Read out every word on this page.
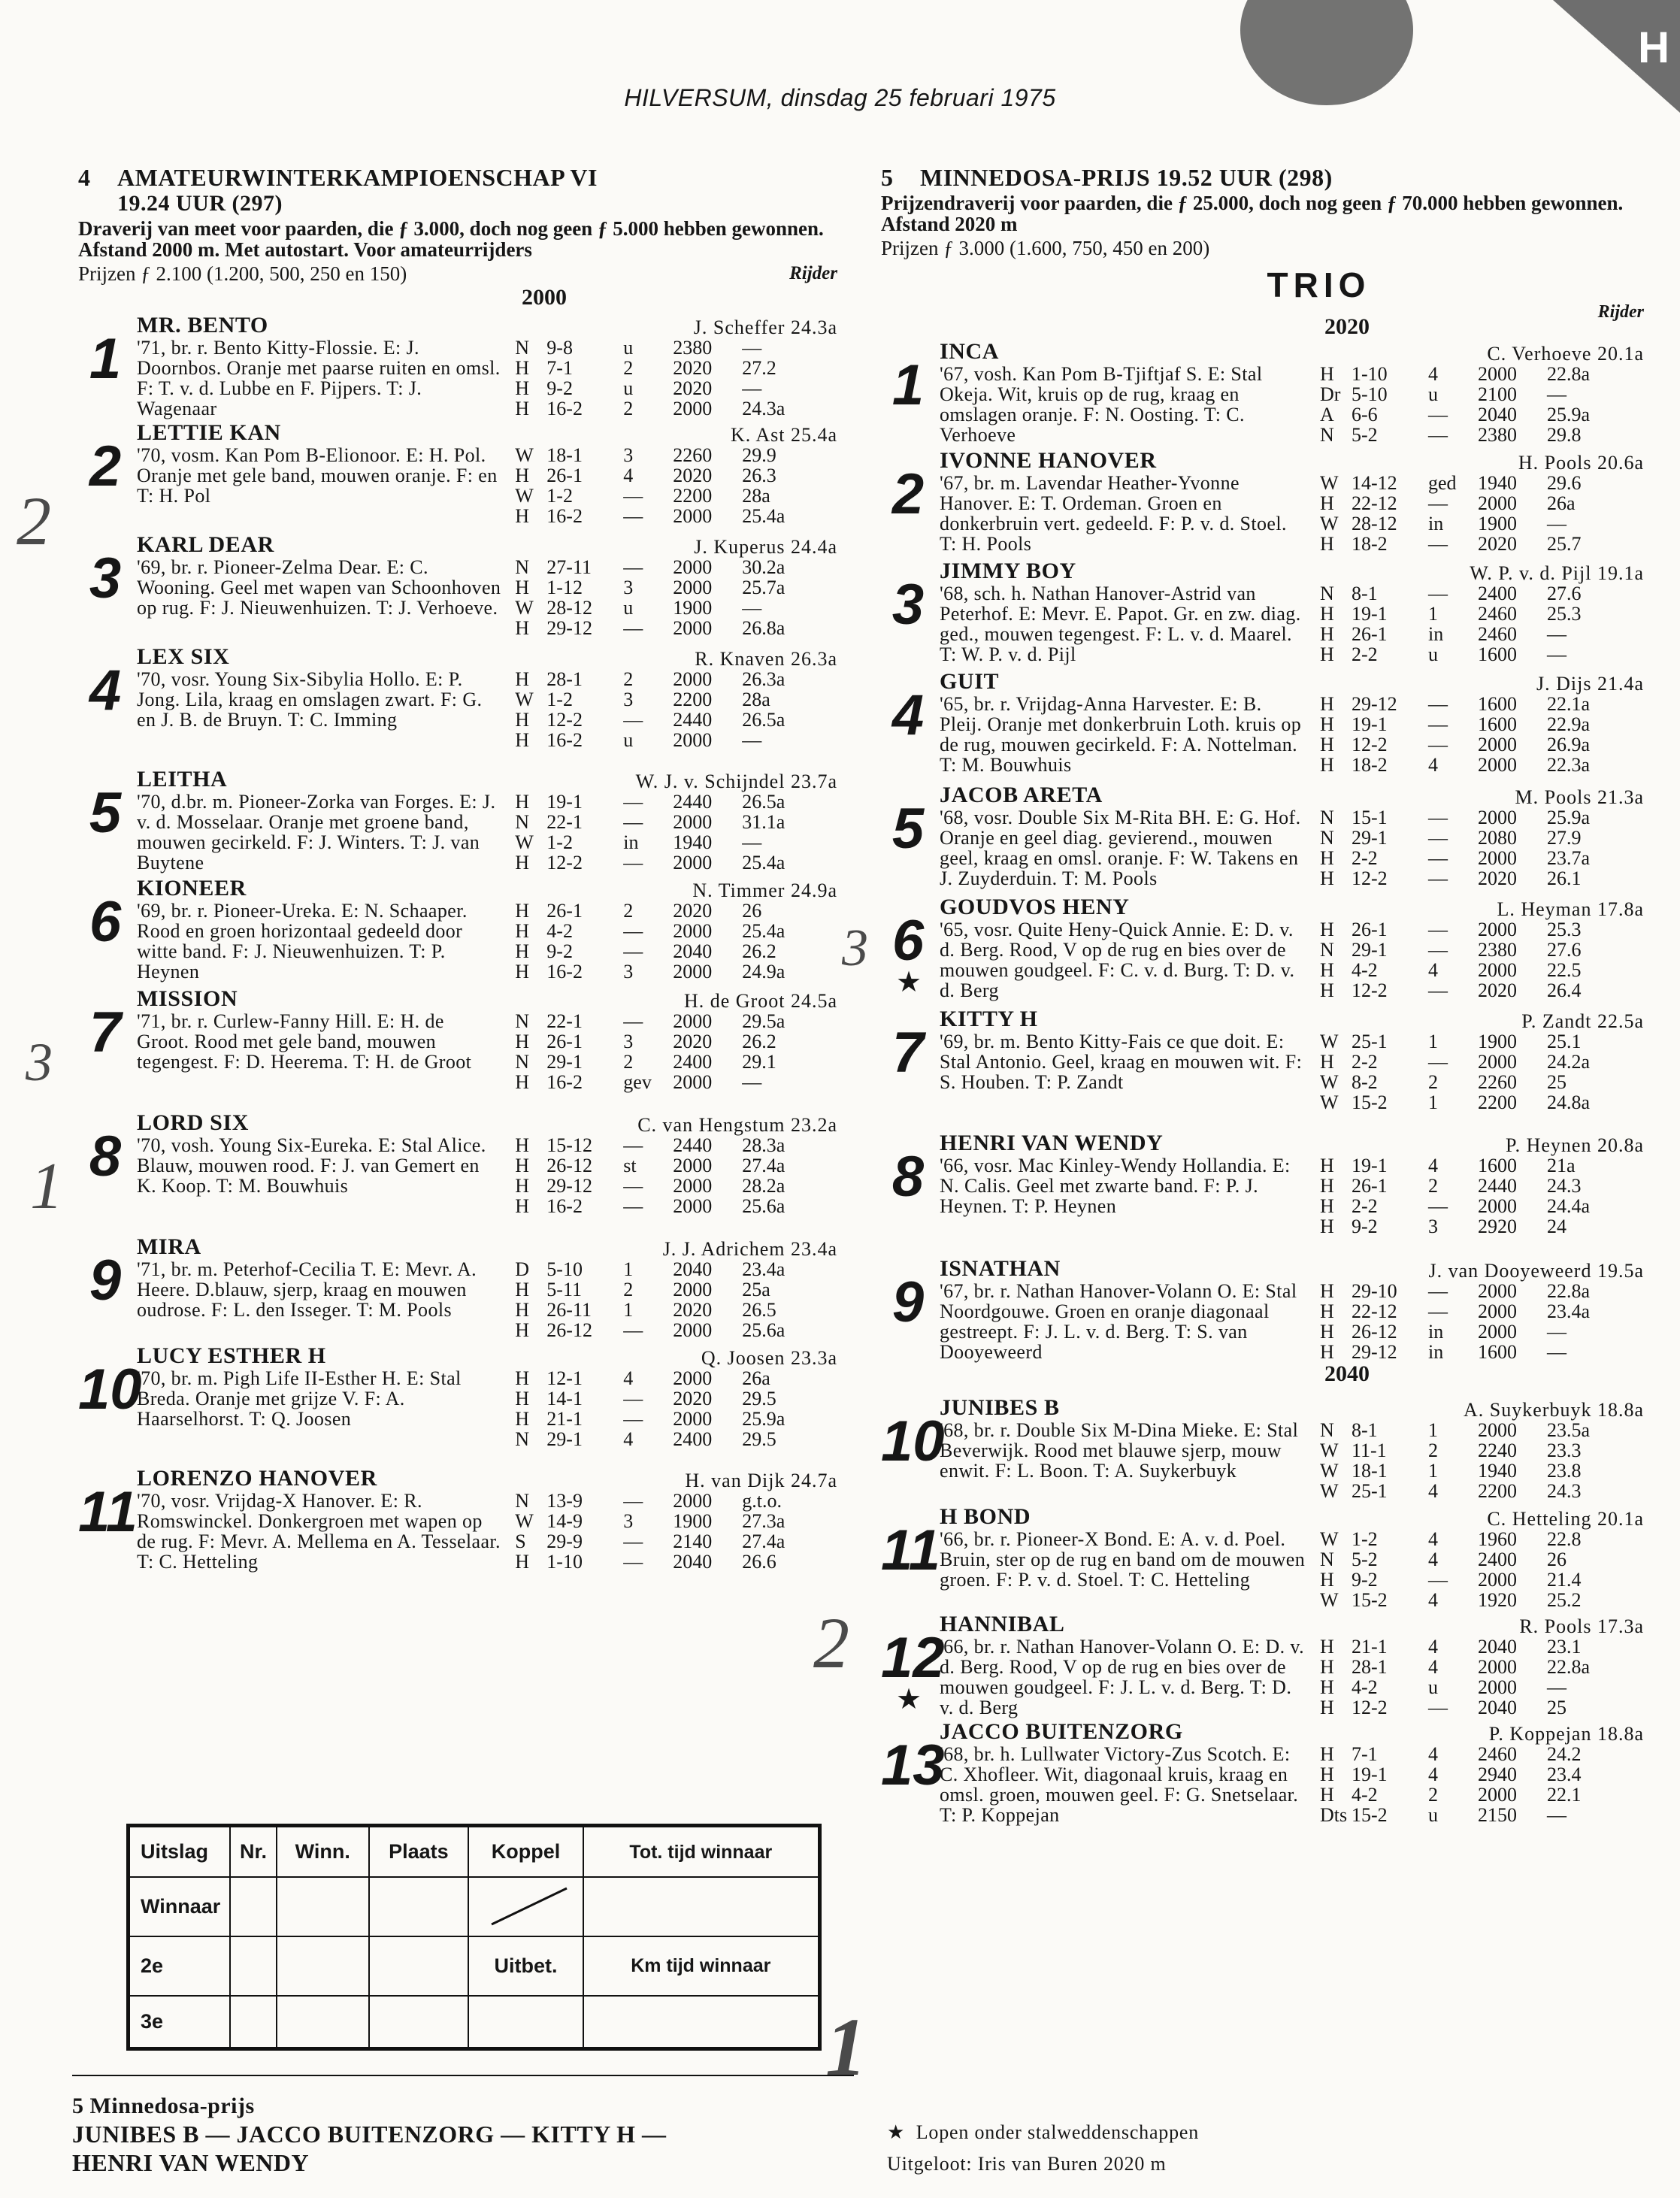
H
HILVERSUM, dinsdag 25 februari 1975
4 AMATEURWINTERKAMPIOENSCHAP VI
19.24 UUR (297)
Draverij van meet voor paarden, die ƒ 3.000, doch nog geen ƒ 5.000 hebben gewonnen. Afstand 2000 m. Met autostart. Voor amateurrijders
Prijzen ƒ 2.100 (1.200, 500, 250 en 150)	Rijder
2000
1
MR. BENTO	J. Scheffer 24.3a
'71, br. r. Bento Kitty-Flossie. E: J. Doornbos. Oranje met paarse ruiten en omsl. F: T. v. d. Lubbe en F. Pijpers. T: J. Wagenaar
N 9-8	u	2380	—
H 7-1	2	2020	27.2
H 9-2	u	2020	—
H 16-2	2	2000	24.3a
2
LETTIE KAN	K. Ast 25.4a
'70, vosm. Kan Pom B-Elionoor. E: H. Pol. Oranje met gele band, mouwen oranje. F: en T: H. Pol
W 18-1	3	2260	29.9
H 26-1	4	2020	26.3
W 1-2	—	2200	28a
H 16-2	—	2000	25.4a
3
KARL DEAR	J. Kuperus 24.4a
'69, br. r. Pioneer-Zelma Dear. E: C. Wooning. Geel met wapen van Schoonhoven op rug. F: J. Nieuwenhuizen. T: J. Verhoeve.
N 27-11	—	2000	30.2a
H 1-12	3	2000	25.7a
W 28-12	u	1900	—
H 29-12	—	2000	26.8a
4
LEX SIX	R. Knaven 26.3a
'70, vosr. Young Six-Sibylia Hollo. E: P. Jong. Lila, kraag en omslagen zwart. F: G. en J. B. de Bruyn. T: C. Imming
H 28-1	2	2000	26.3a
W 1-2	3	2200	28a
H 12-2	—	2440	26.5a
H 16-2	u	2000	—
5
LEITHA	W. J. v. Schijndel 23.7a
'70, d.br. m. Pioneer-Zorka van Forges. E: J. v. d. Mosselaar. Oranje met groene band, mouwen gecirkeld. F: J. Winters. T: J. van Buytene
H 19-1	—	2440	26.5a
N 22-1	—	2000	31.1a
W 1-2	in	1940	—
H 12-2	—	2000	25.4a
6
KIONEER	N. Timmer 24.9a
'69, br. r. Pioneer-Ureka. E: N. Schaaper. Rood en groen horizontaal gedeeld door witte band. F: J. Nieuwenhuizen. T: P. Heynen
H 26-1	2	2020	26
H 4-2	—	2000	25.4a
H 9-2	—	2040	26.2
H 16-2	3	2000	24.9a
7
MISSION	H. de Groot 24.5a
'71, br. r. Curlew-Fanny Hill. E: H. de Groot. Rood met gele band, mouwen tegengest. F: D. Heerema. T: H. de Groot
N 22-1	—	2000	29.5a
H 26-1	3	2020	26.2
N 29-1	2	2400	29.1
H 16-2	gev	2000	—
8
LORD SIX	C. van Hengstum 23.2a
'70, vosh. Young Six-Eureka. E: Stal Alice. Blauw, mouwen rood. F: J. van Gemert en K. Koop. T: M. Bouwhuis
H 15-12	—	2440	28.3a
H 26-12	st	2000	27.4a
H 29-12	—	2000	28.2a
H 16-2	—	2000	25.6a
9
MIRA	J. J. Adrichem 23.4a
'71, br. m. Peterhof-Cecilia T. E: Mevr. A. Heere. D.blauw, sjerp, kraag en mouwen oudrose. F: L. den Isseger. T: M. Pools
D 5-10	1	2040	23.4a
H 5-11	2	2000	25a
H 26-11	1	2020	26.5
H 26-12	—	2000	25.6a
10
LUCY ESTHER H	Q. Joosen 23.3a
'70, br. m. Pigh Life II-Esther H. E: Stal Breda. Oranje met grijze V. F: A. Haarselhorst. T: Q. Joosen
H 12-1	4	2000	26a
H 14-1	—	2020	29.5
H 21-1	—	2000	25.9a
N 29-1	4	2400	29.5
11
LORENZO HANOVER	H. van Dijk 24.7a
'70, vosr. Vrijdag-X Hanover. E: R. Romswinckel. Donkergroen met wapen op de rug. F: Mevr. A. Mellema en A. Tesselaar. T: C. Hetteling
N 13-9	—	2000	g.t.o.
W 14-9	3	1900	27.3a
S	29-9	—	2140	27.4a
H 1-10	—	2040	26.6
5 MINNEDOSA-PRIJS 19.52 UUR (298)
Prijzendraverij voor paarden, die ƒ 25.000, doch nog geen ƒ 70.000 hebben gewonnen. Afstand 2020 m
Prijzen ƒ 3.000 (1.600, 750, 450 en 200)
TRIO
Rijder
2020
1
INCA	C. Verhoeve 20.1a
'67, vosh. Kan Pom B-Tjiftjaf S. E: Stal Okeja. Wit, kruis op de rug, kraag en omslagen oranje. F: N. Oosting. T: C. Verhoeve
H 1-10	4	2000	22.8a
Dr 5-10	u	2100	—
A 6-6	—	2040	25.9a
N 5-2	—	2380	29.8
2
IVONNE HANOVER	H. Pools 20.6a
'67, br. m. Lavendar Heather-Yvonne Hanover. E: T. Ordeman. Groen en donkerbruin vert. gedeeld. F: P. v. d. Stoel. T: H. Pools
W 14-12	ged	1940	29.6
H 22-12	—	2000	26a
W 28-12	in	1900	—
H 18-2	—	2020	25.7
3
JIMMY BOY	W. P. v. d. Pijl 19.1a
'68, sch. h. Nathan Hanover-Astrid van Peterhof. E: Mevr. E. Papot. Gr. en zw. diag. ged., mouwen tegengest. F: L. v. d. Maarel. T: W. P. v. d. Pijl
N 8-1	—	2400	27.6
H 19-1	1	2460	25.3
H 26-1	in	2460	—
H 2-2	u	1600	—
4
GUIT	J. Dijs 21.4a
'65, br. r. Vrijdag-Anna Harvester. E: B. Pleij. Oranje met donkerbruin Loth. kruis op de rug, mouwen gecirkeld. F: A. Nottelman. T: M. Bouwhuis
H 29-12	—	1600	22.1a
H 19-1	—	1600	22.9a
H 12-2	—	2000	26.9a
H 18-2	4	2000	22.3a
5
JACOB ARETA	M. Pools 21.3a
'68, vosr. Double Six M-Rita BH. E: G. Hof. Oranje en geel diag. gevierend., mouwen geel, kraag en omsl. oranje. F: W. Takens en J. Zuyderduin. T: M. Pools
N 15-1	—	2000	25.9a
N 29-1	—	2080	27.9
H 2-2	—	2000	23.7a
H 12-2	—	2020	26.1
6
★
GOUDVOS HENY	L. Heyman 17.8a
'65, vosr. Quite Heny-Quick Annie. E: D. v. d. Berg. Rood, V op de rug en bies over de mouwen goudgeel. F: C. v. d. Burg. T: D. v. d. Berg
H 26-1	—	2000	25.3
N 29-1	—	2380	27.6
H 4-2	4	2000	22.5
H 12-2	—	2020	26.4
7
KITTY H	P. Zandt 22.5a
'69, br. m. Bento Kitty-Fais ce que doit. E: Stal Antonio. Geel, kraag en mouwen wit. F: S. Houben. T: P. Zandt
W 25-1	1	1900	25.1
H 2-2	—	2000	24.2a
W 8-2	2	2260	25
W 15-2	1	2200	24.8a
8
HENRI VAN WENDY	P. Heynen 20.8a
'66, vosr. Mac Kinley-Wendy Hollandia. E: N. Calis. Geel met zwarte band. F: P. J. Heynen. T: P. Heynen
H 19-1	4	1600	21a
H 26-1	2	2440	24.3
H 2-2	—	2000	24.4a
H 9-2	3	2920	24
9
ISNATHAN	J. van Dooyeweerd 19.5a
'67, br. r. Nathan Hanover-Volann O. E: Stal Noordgouwe. Groen en oranje diagonaal gestreept. F: J. L. v. d. Berg. T: S. van Dooyeweerd
H 29-10	—	2000	22.8a
H 22-12	—	2000	23.4a
H 26-12	in	2000	—
H 29-12	in	1600	—
2040
10
JUNIBES B	A. Suykerbuyk 18.8a
'68, br. r. Double Six M-Dina Mieke. E: Stal Beverwijk. Rood met blauwe sjerp, mouw enwit. F: L. Boon. T: A. Suykerbuyk
N 8-1	1	2000	23.5a
W 11-1	2	2240	23.3
W 18-1	1	1940	23.8
W 25-1	4	2200	24.3
11
H BOND	C. Hetteling 20.1a
'66, br. r. Pioneer-X Bond. E: A. v. d. Poel. Bruin, ster op de rug en band om de mouwen groen. F: P. v. d. Stoel. T: C. Hetteling
W 1-2	4	1960	22.8
N 5-2	4	2400	26
H 9-2	—	2000	21.4
W 15-2	4	1920	25.2
12
★
HANNIBAL	R. Pools 17.3a
'66, br. r. Nathan Hanover-Volann O. E: D. v. d. Berg. Rood, V op de rug en bies over de mouwen goudgeel. F: J. L. v. d. Berg. T: D. v. d. Berg
H 21-1	4	2040	23.1
H 28-1	4	2000	22.8a
H 4-2	u	2000	—
H 12-2	—	2040	25
13
JACCO BUITENZORG	P. Koppejan 18.8a
'68, br. h. Lullwater Victory-Zus Scotch. E: C. Xhofleer. Wit, diagonaal kruis, kraag en omsl. groen, mouwen geel. F: G. Snetselaar. T: P. Koppejan
H 7-1	4	2460	24.2
H 19-1	4	2940	23.4
H 4-2	2	2000	22.1
Dts 15-2	u	2150	—
2
3
1
3
2
1
Uitslag	Nr.	Winn.	Plaats	Koppel	Tot. tijd winnaar
Winnaar				

2e				Uitbet.	Km tijd winnaar
3e					
5 Minnedosa-prijs
JUNIBES B — JACCO BUITENZORG — KITTY H —
HENRI VAN WENDY
★ Lopen onder stalweddenschappen
Uitgeloot: Iris van Buren 2020 m
